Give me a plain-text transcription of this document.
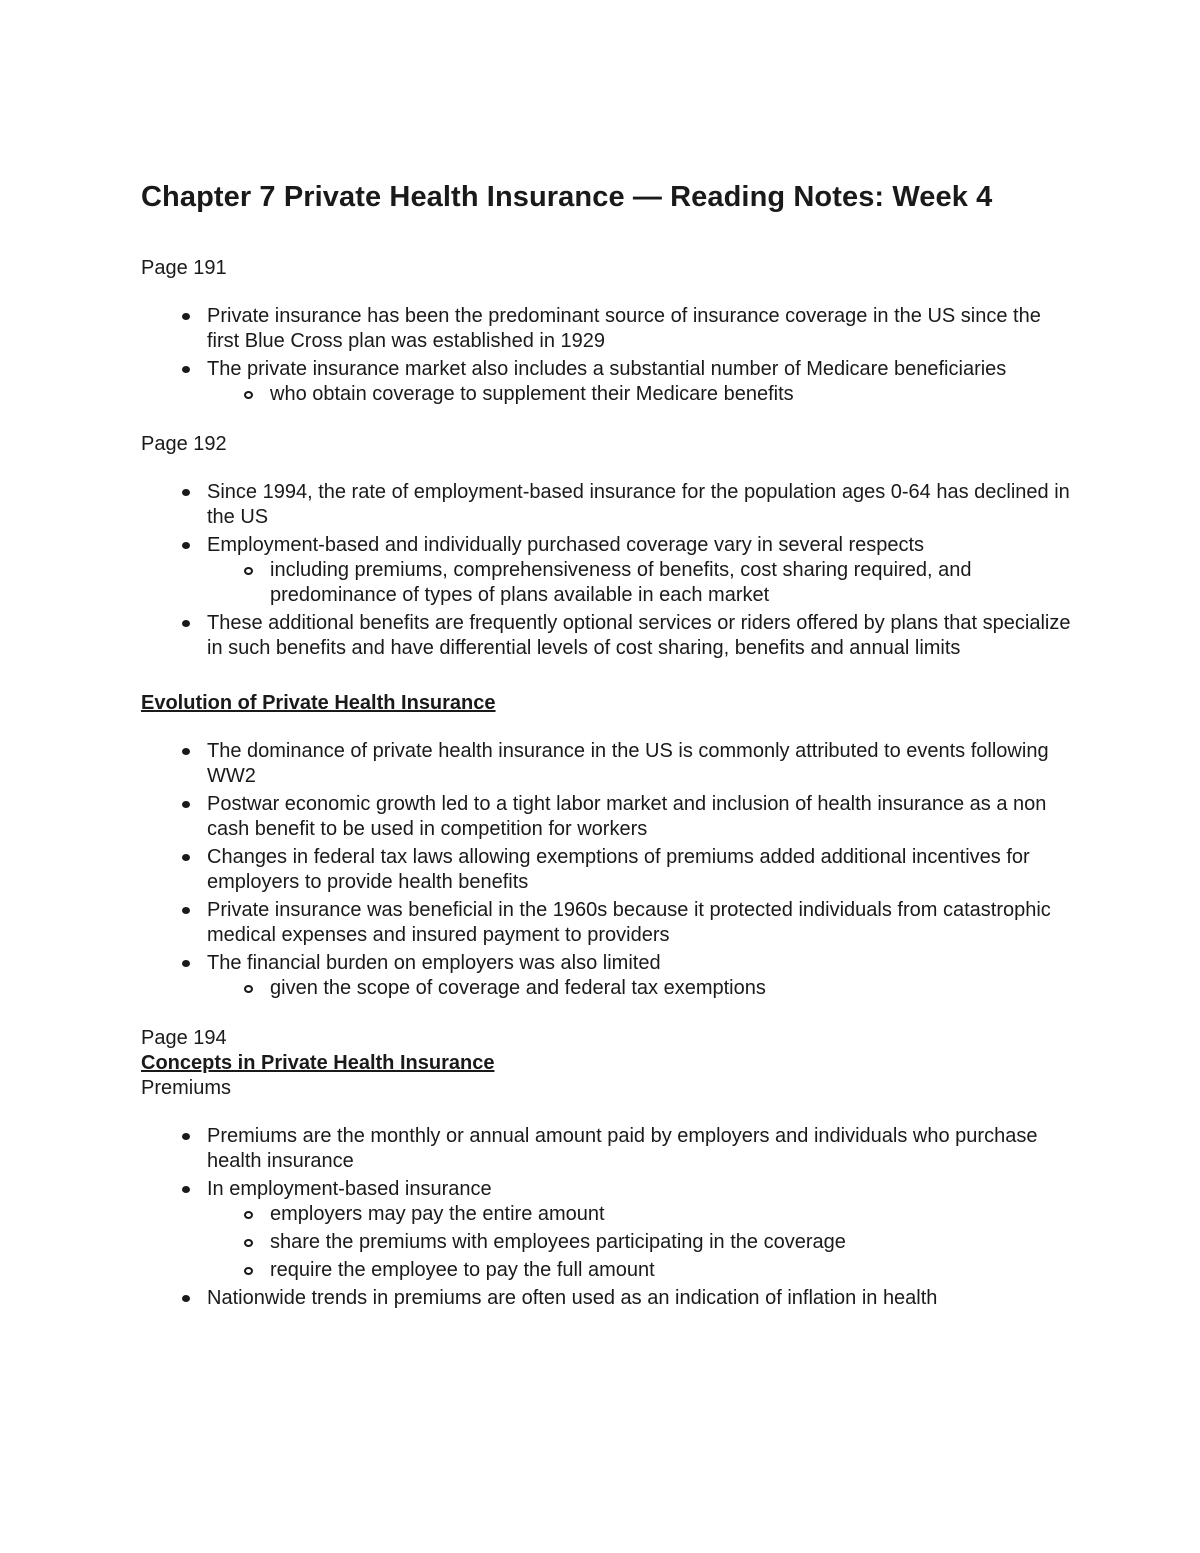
Chapter 7 Private Health Insurance — Reading Notes: Week 4

Page 191

Private insurance has been the predominant source of insurance coverage in the US since the first Blue Cross plan was established in 1929
The private insurance market also includes a substantial number of Medicare beneficiaries
who obtain coverage to supplement their Medicare benefits

Page 192

Since 1994, the rate of employment-based insurance for the population ages 0-64 has declined in the US
Employment-based and individually purchased coverage vary in several respects
including premiums, comprehensiveness of benefits, cost sharing required, and predominance of types of plans available in each market
These additional benefits are frequently optional services or riders offered by plans that specialize in such benefits and have differential levels of cost sharing, benefits and annual limits

Evolution of Private Health Insurance

The dominance of private health insurance in the US is commonly attributed to events following WW2
Postwar economic growth led to a tight labor market and inclusion of health insurance as a non cash benefit to be used in competition for workers
Changes in federal tax laws allowing exemptions of premiums added additional incentives for employers to provide health benefits
Private insurance was beneficial in the 1960s because it protected individuals from catastrophic medical expenses and insured payment to providers
The financial burden on employers was also limited
given the scope of coverage and federal tax exemptions

Page 194

Concepts in Private Health Insurance

Premiums

Premiums are the monthly or annual amount paid by employers and individuals who purchase health insurance
In employment-based insurance
employers may pay the entire amount
share the premiums with employees participating in the coverage
require the employee to pay the full amount
Nationwide trends in premiums are often used as an indication of inflation in health
